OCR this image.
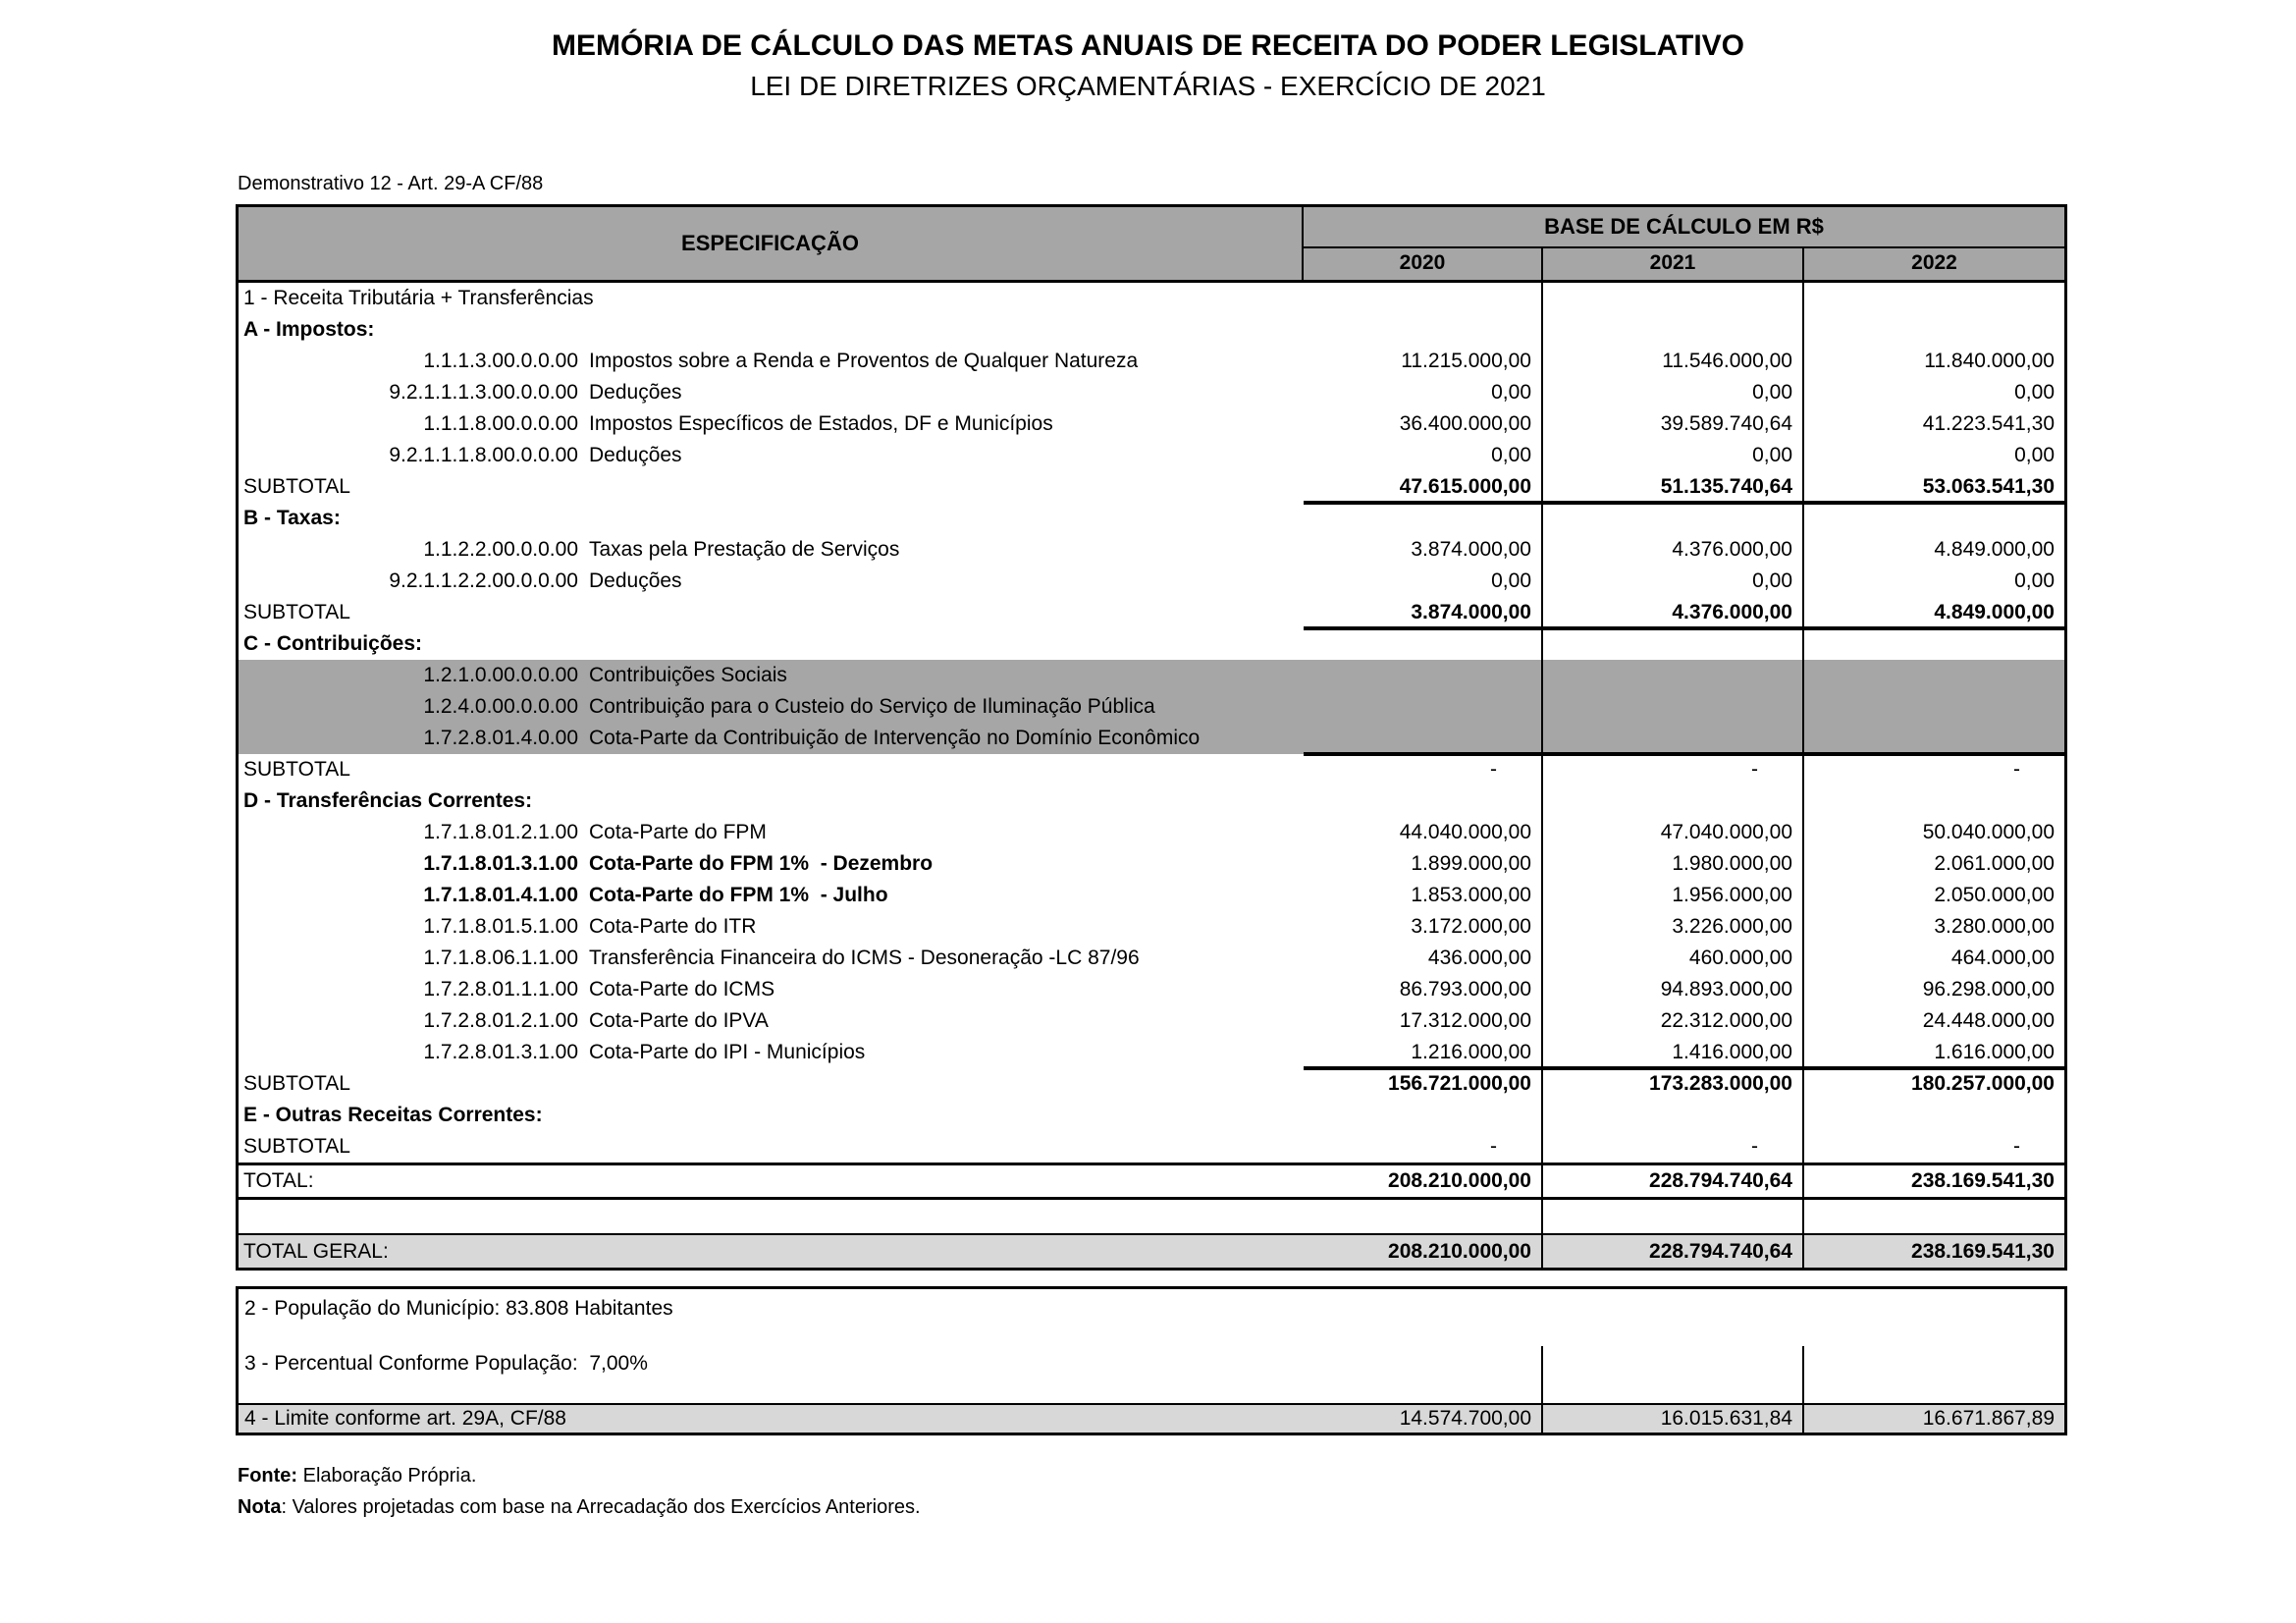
MEMÓRIA DE CÁLCULO DAS METAS ANUAIS DE RECEITA DO PODER LEGISLATIVO
LEI DE DIRETRIZES ORÇAMENTÁRIAS - EXERCÍCIO DE 2021
Demonstrativo 12 - Art. 29-A CF/88
ESPECIFICAÇÃO
BASE DE CÁLCULO EM R$
2020	2021	2022
1 - Receita Tributária + Transferências
A - Impostos:
1.1.1.3.00.0.0.00 Impostos sobre a Renda e Proventos de Qualquer Natureza	11.215.000,00	11.546.000,00	11.840.000,00
9.2.1.1.1.3.00.0.0.00 Deduções	0,00	0,00	0,00
1.1.1.8.00.0.0.00 Impostos Específicos de Estados, DF e Municípios	36.400.000,00	39.589.740,64	41.223.541,30
9.2.1.1.1.8.00.0.0.00 Deduções	0,00	0,00	0,00
SUBTOTAL	47.615.000,00	51.135.740,64	53.063.541,30
B - Taxas:
1.1.2.2.00.0.0.00 Taxas pela Prestação de Serviços	3.874.000,00	4.376.000,00	4.849.000,00
9.2.1.1.2.2.00.0.0.00 Deduções	0,00	0,00	0,00
SUBTOTAL	3.874.000,00	4.376.000,00	4.849.000,00
C - Contribuições:
1.2.1.0.00.0.0.00 Contribuições Sociais
1.2.4.0.00.0.0.00 Contribuição para o Custeio do Serviço de Iluminação Pública
1.7.2.8.01.4.0.00 Cota-Parte da Contribuição de Intervenção no Domínio Econômico
SUBTOTAL	-	-	-
D - Transferências Correntes:
1.7.1.8.01.2.1.00 Cota-Parte do FPM	44.040.000,00	47.040.000,00	50.040.000,00
1.7.1.8.01.3.1.00 Cota-Parte do FPM 1%  - Dezembro	1.899.000,00	1.980.000,00	2.061.000,00
1.7.1.8.01.4.1.00 Cota-Parte do FPM 1%  - Julho	1.853.000,00	1.956.000,00	2.050.000,00
1.7.1.8.01.5.1.00 Cota-Parte do ITR	3.172.000,00	3.226.000,00	3.280.000,00
1.7.1.8.06.1.1.00 Transferência Financeira do ICMS - Desoneração -LC 87/96	436.000,00	460.000,00	464.000,00
1.7.2.8.01.1.1.00 Cota-Parte do ICMS	86.793.000,00	94.893.000,00	96.298.000,00
1.7.2.8.01.2.1.00 Cota-Parte do IPVA	17.312.000,00	22.312.000,00	24.448.000,00
1.7.2.8.01.3.1.00 Cota-Parte do IPI - Municípios	1.216.000,00	1.416.000,00	1.616.000,00
SUBTOTAL	156.721.000,00	173.283.000,00	180.257.000,00
E - Outras Receitas Correntes:
SUBTOTAL	-	-	-
TOTAL:	208.210.000,00	228.794.740,64	238.169.541,30
TOTAL GERAL:	208.210.000,00	228.794.740,64	238.169.541,30
2 - População do Município: 83.808 Habitantes
3 - Percentual Conforme População:  7,00%
4 - Limite conforme art. 29A, CF/88	14.574.700,00	16.015.631,84	16.671.867,89
Fonte: Elaboração Própria.
Nota: Valores projetadas com base na Arrecadação dos Exercícios Anteriores.
